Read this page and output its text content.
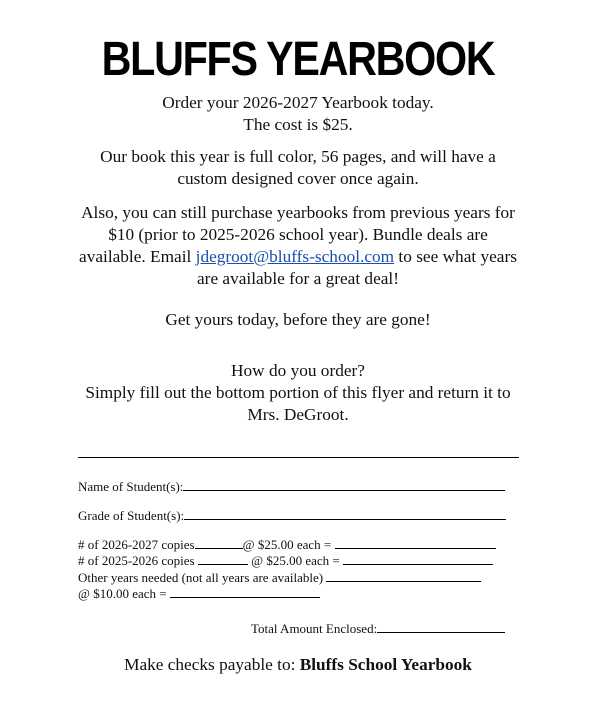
BLUFFS YEARBOOK
Order your 2026-2027 Yearbook today.
The cost is $25.
Our book this year is full color, 56 pages, and will have a custom designed cover once again.
Also, you can still purchase yearbooks from previous years for $10 (prior to 2025-2026 school year). Bundle deals are available. Email jdegroot@bluffs-school.com to see what years are available for a great deal!
Get yours today, before they are gone!
How do you order?
Simply fill out the bottom portion of this flyer and return it to Mrs. DeGroot.
Name of Student(s):
Grade of Student(s):
# of 2026-2027 copies	@ $25.00 each =
# of 2025-2026 copies	@ $25.00 each =
Other years needed (not all years are available)
@ $10.00 each =
Total Amount Enclosed:
Make checks payable to: Bluffs School Yearbook
